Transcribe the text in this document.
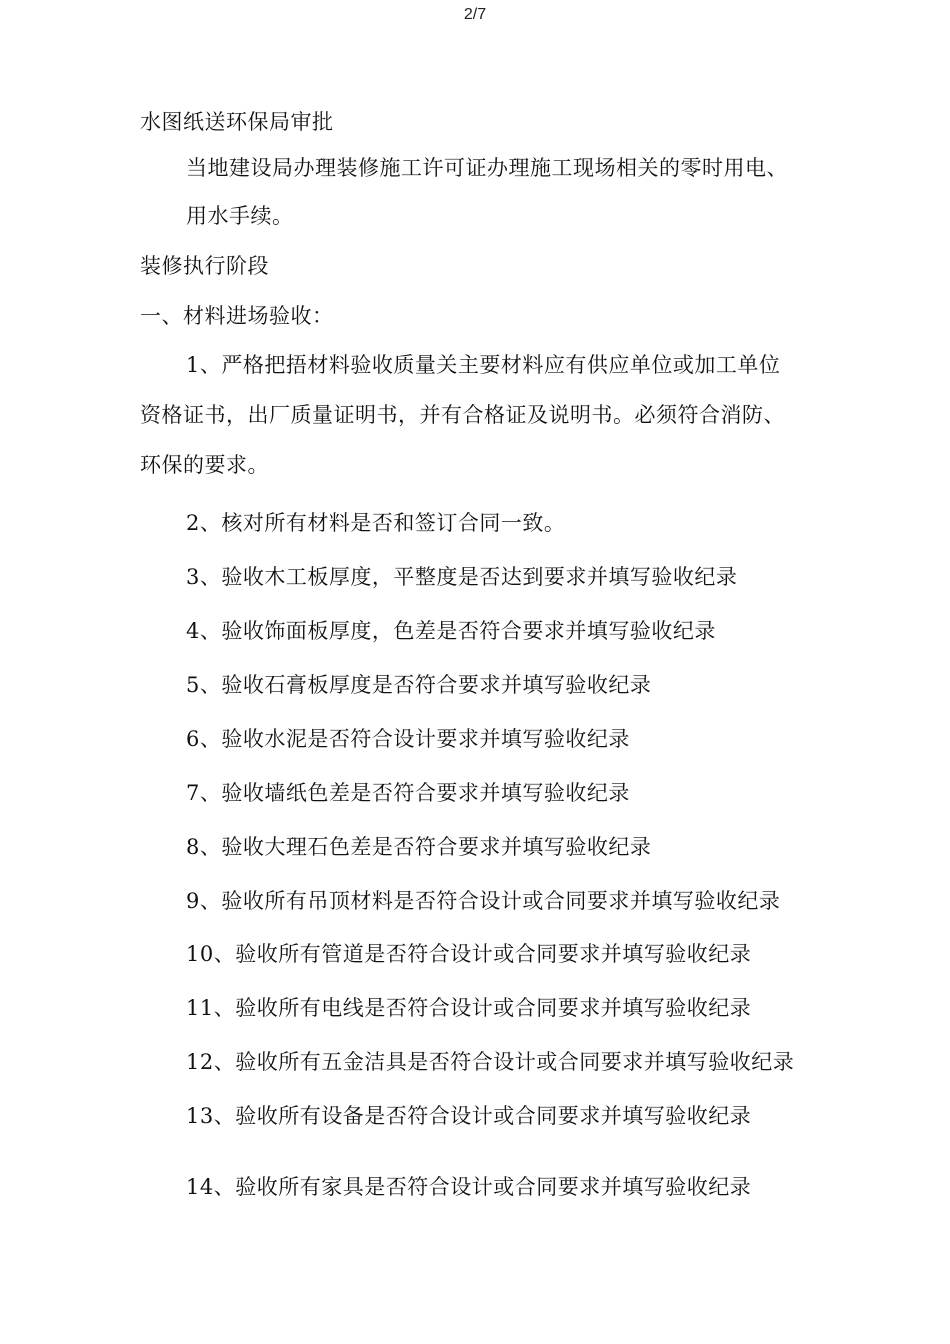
2/7
水图纸送环保局审批
当地建设局办理装修施工许可证办理施工现场相关的零时用电、
用水手续。
装修执行阶段
一、材料进场验收：
1、严格把捂材料验收质量关主要材料应有供应单位或加工单位
资格证书，出厂质量证明书，并有合格证及说明书。必须符合消防、
环保的要求。
2、核对所有材料是否和签订合同一致。
3、验收木工板厚度，平整度是否达到要求并填写验收纪录
4、验收饰面板厚度，色差是否符合要求并填写验收纪录
5、验收石膏板厚度是否符合要求并填写验收纪录
6、验收水泥是否符合设计要求并填写验收纪录
7、验收墙纸色差是否符合要求并填写验收纪录
8、验收大理石色差是否符合要求并填写验收纪录
9、验收所有吊顶材料是否符合设计或合同要求并填写验收纪录
10、验收所有管道是否符合设计或合同要求并填写验收纪录
11、验收所有电线是否符合设计或合同要求并填写验收纪录
12、验收所有五金洁具是否符合设计或合同要求并填写验收纪录
13、验收所有设备是否符合设计或合同要求并填写验收纪录
14、验收所有家具是否符合设计或合同要求并填写验收纪录
